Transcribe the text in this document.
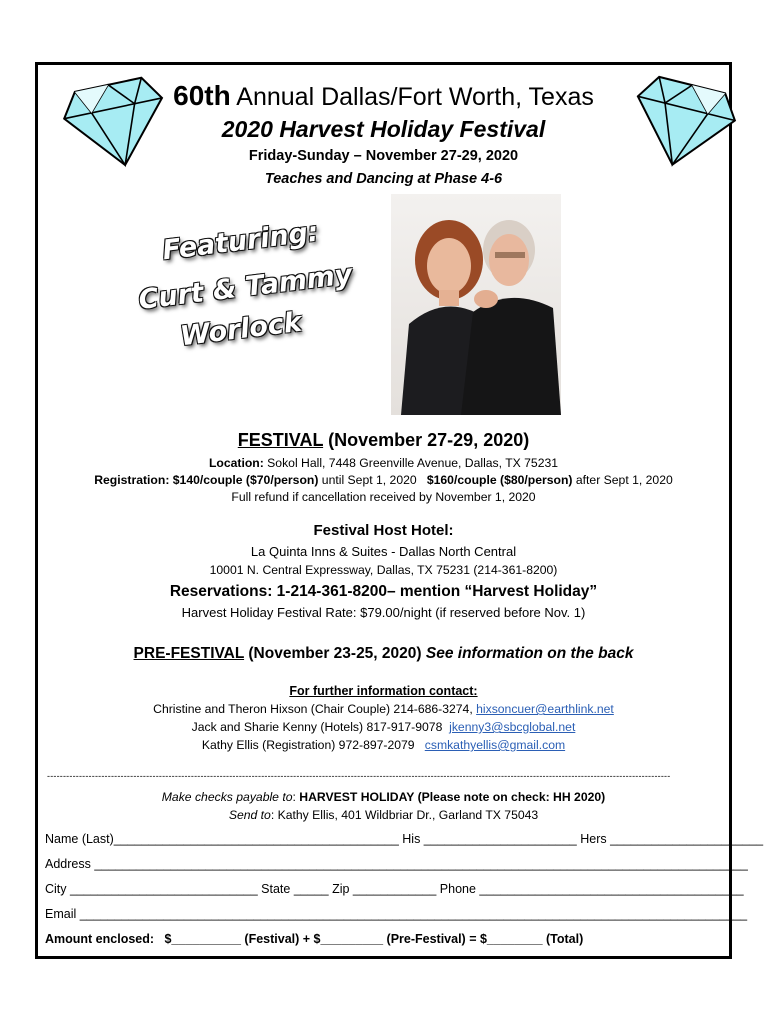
60th Annual Dallas/Fort Worth, Texas
2020 Harvest Holiday Festival
Friday-Sunday – November 27-29, 2020
Teaches and Dancing at Phase 4-6
Featuring:
Curt & Tammy
Worlock
FESTIVAL (November 27-29, 2020)
Location: Sokol Hall, 7448 Greenville Avenue, Dallas, TX 75231
Registration: $140/couple ($70/person) until Sept 1, 2020 $160/couple ($80/person) after Sept 1, 2020
Full refund if cancellation received by November 1, 2020
Festival Host Hotel:
La Quinta Inns & Suites - Dallas North Central
10001 N. Central Expressway, Dallas, TX 75231 (214-361-8200)
Reservations: 1-214-361-8200– mention “Harvest Holiday”
Harvest Holiday Festival Rate: $79.00/night (if reserved before Nov. 1)
PRE-FESTIVAL (November 23-25, 2020) See information on the back
For further information contact:
Christine and Theron Hixson (Chair Couple) 214-686-3274, hixsoncuer@earthlink.net
Jack and Sharie Kenny (Hotels) 817-917-9078 jkenny3@sbcglobal.net
Kathy Ellis (Registration) 972-897-2079 csmkathyellis@gmail.com
---------------------------------------------------------------------------------------------------------------------------------------------------------------------------------------------------
Make checks payable to: HARVEST HOLIDAY (Please note on check: HH 2020)
Send to: Kathy Ellis, 401 Wildbriar Dr., Garland TX 75043
Name (Last)_________________________________________ His ______________________ Hers ______________________
Address ______________________________________________________________________________________________
City ___________________________ State _____ Zip ____________ Phone ______________________________________
Email ________________________________________________________________________________________________
Amount enclosed:   $__________ (Festival) + $_________ (Pre-Festival) = $________ (Total)
